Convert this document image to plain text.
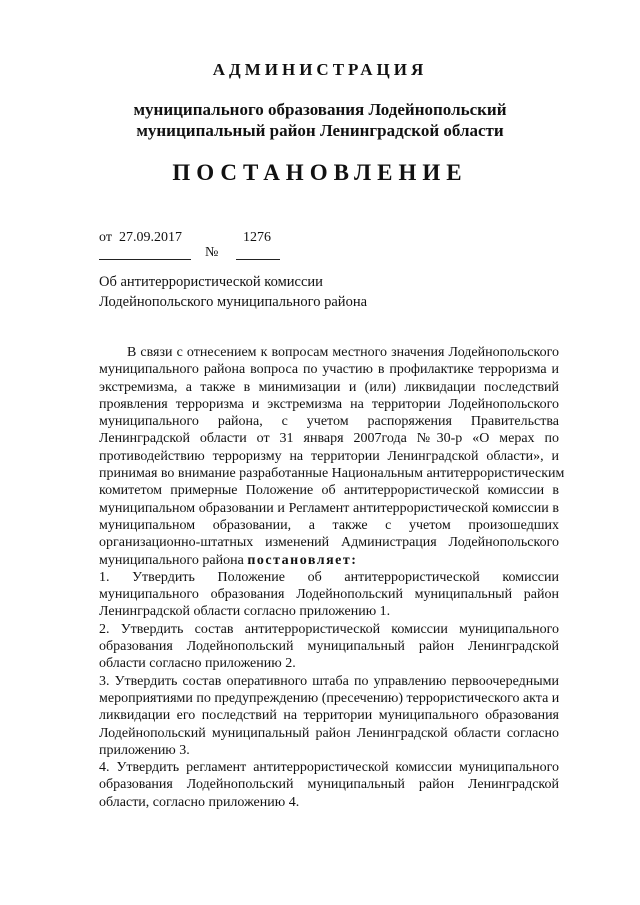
АДМИНИСТРАЦИЯ
муниципального образования Лодейнопольский
муниципальный район Ленинградской области
ПОСТАНОВЛЕНИЕ
от 27.09.2017
№
1276
Об антитеррористической комиссии
Лодейнопольского муниципального района
В связи с отнесением к вопросам местного значения Лодейнопольского
муниципального района вопроса по участию в профилактике терроризма и
экстремизма, а также в минимизации и (или) ликвидации последствий
проявления терроризма и экстремизма на территории Лодейнопольского
муниципального района, с учетом распоряжения Правительства
Ленинградской области от 31 января 2007года №30-р «О мерах по
противодействию терроризму на территории Ленинградской области», и
принимая во внимание разработанные Национальным антитеррористическим
комитетом примерные Положение об антитеррористической комиссии в
муниципальном образовании и Регламент антитеррористической комиссии в
муниципальном образовании, а также с учетом произошедших
организационно-штатных изменений Администрация Лодейнопольского
муниципального района постановляет:
1. Утвердить Положение об антитеррористической комиссии
муниципального образования Лодейнопольский муниципальный район
Ленинградской области согласно приложению 1.
2. Утвердить состав антитеррористической комиссии муниципального
образования Лодейнопольский муниципальный район Ленинградской
области согласно приложению 2.
3. Утвердить состав оперативного штаба по управлению первоочередными
мероприятиями по предупреждению (пресечению) террористического акта и
ликвидации его последствий на территории муниципального образования
Лодейнопольский муниципальный район Ленинградской области согласно
приложению 3.
4. Утвердить регламент антитеррористической комиссии муниципального
образования Лодейнопольский муниципальный район Ленинградской
области, согласно приложению 4.
